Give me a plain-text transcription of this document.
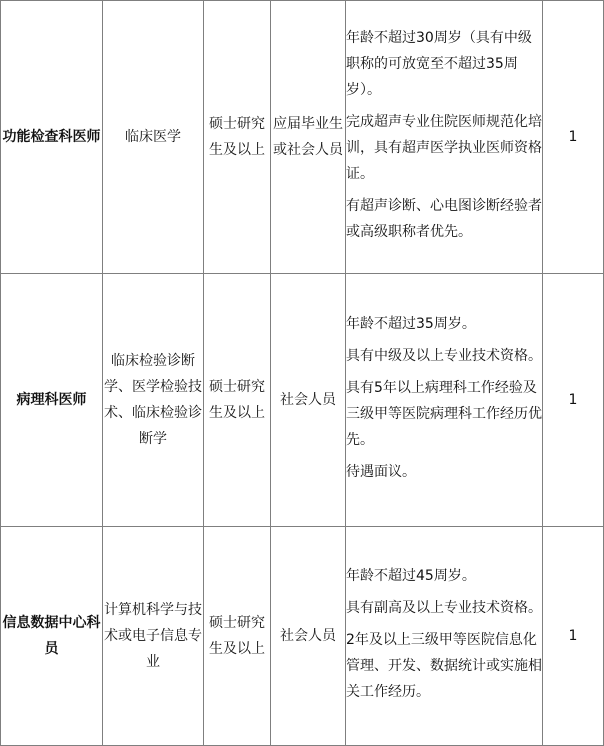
功能检查科医师	临床医学	硕士研究生及以上	应届毕业生或社会人员	年龄不超过30周岁（具有中级职称的可放宽至不超过35周岁）。
完成超声专业住院医师规范化培训，具有超声医学执业医师资格证。
有超声诊断、心电图诊断经验者或高级职称者优先。	1
病理科医师	临床检验诊断学、医学检验技术、临床检验诊断学	硕士研究生及以上	社会人员	年龄不超过35周岁。
具有中级及以上专业技术资格。
具有5年以上病理科工作经验及三级甲等医院病理科工作经历优先。
待遇面议。	1
信息数据中心科员	计算机科学与技术或电子信息专业	硕士研究生及以上	社会人员	年龄不超过45周岁。
具有副高及以上专业技术资格。
2年及以上三级甲等医院信息化管理、开发、数据统计或实施相关工作经历。	1
